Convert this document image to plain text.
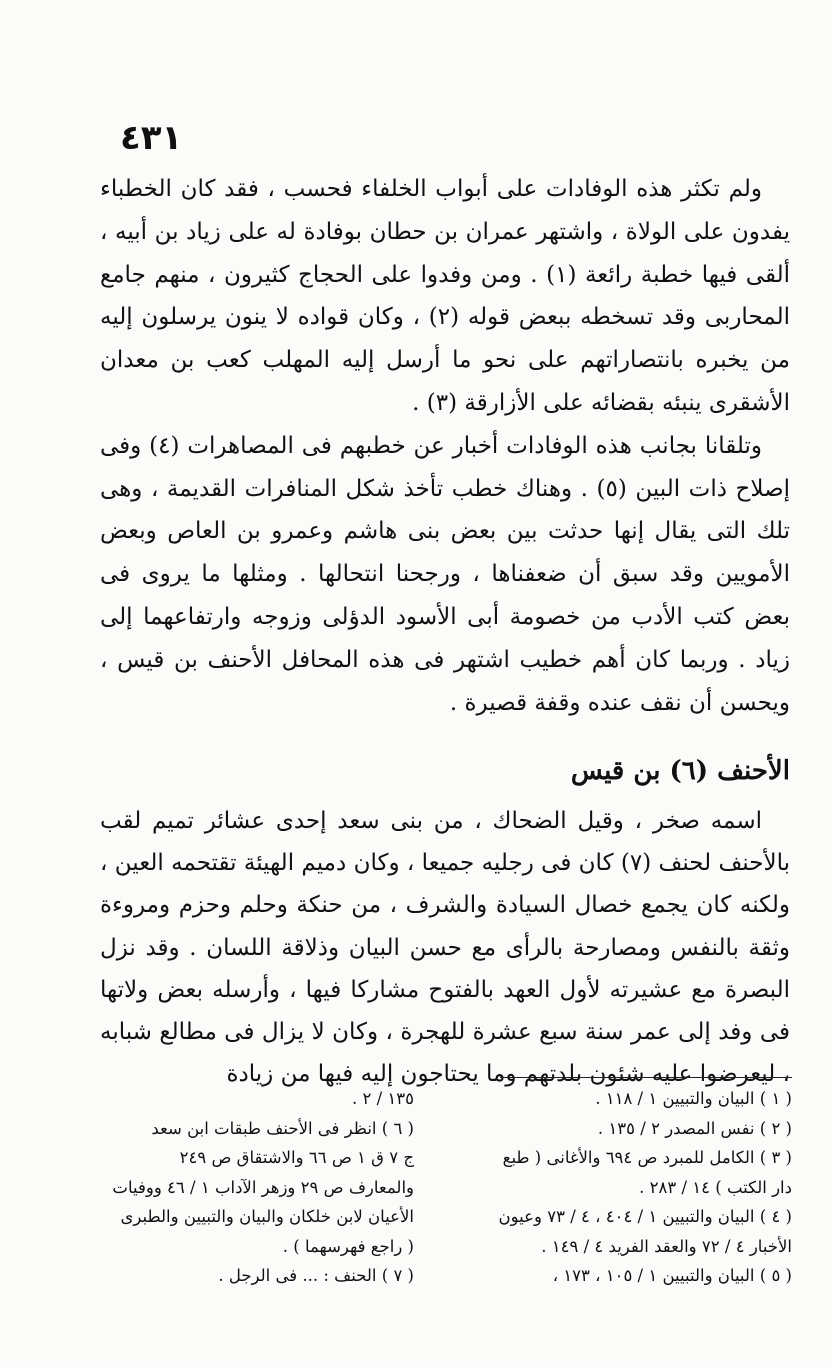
٤٣١

ولم تكثر هذه الوفادات على أبواب الخلفاء فحسب ، فقد كان الخطباء يفدون على الولاة ، واشتهر عمران بن حطان بوفادة له على زياد بن أبيه ، ألقى فيها خطبة رائعة (١) . ومن وفدوا على الحجاج كثيرون ، منهم جامع المحاربى وقد تسخطه ببعض قوله (٢) ، وكان قواده لا ينون يرسلون إليه من يخبره بانتصاراتهم على نحو ما أرسل إليه المهلب كعب بن معدان الأشقرى ينبئه بقضائه على الأزارقة (٣) .

وتلقانا بجانب هذه الوفادات أخبار عن خطبهم فى المصاهرات (٤) وفى إصلاح ذات البين (٥) . وهناك خطب تأخذ شكل المنافرات القديمة ، وهى تلك التى يقال إنها حدثت بين بعض بنى هاشم وعمرو بن العاص وبعض الأمويين وقد سبق أن ضعفناها ، ورجحنا انتحالها . ومثلها ما يروى فى بعض كتب الأدب من خصومة أبى الأسود الدؤلى وزوجه وارتفاعهما إلى زياد . وربما كان أهم خطيب اشتهر فى هذه المحافل الأحنف بن قيس ، ويحسن أن نقف عنده وقفة قصيرة .

الأحنف (٦) بن قيس

اسمه صخر ، وقيل الضحاك ، من بنى سعد إحدى عشائر تميم لقب بالأحنف لحنف (٧) كان فى رجليه جميعا ، وكان دميم الهيئة تقتحمه العين ، ولكنه كان يجمع خصال السيادة والشرف ، من حنكة وحلم وحزم ومروءة وثقة بالنفس ومصارحة بالرأى مع حسن البيان وذلاقة اللسان . وقد نزل البصرة مع عشيرته لأول العهد بالفتوح مشاركا فيها ، وأرسله بعض ولاتها فى وفد إلى عمر سنة سبع عشرة للهجرة ، وكان لا يزال فى مطالع شبابه ، ليعرضوا عليه شئون بلدتهم وما يحتاجون إليه فيها من زيادة

( ١ ) البيان والتبيين ١ / ١١٨ .
( ٢ ) نفس المصدر ٢ / ١٣٥ .
( ٣ ) الكامل للمبرد ص ٦٩٤ والأغانى ( طبع
دار الكتب ) ١٤ / ٢٨٣ .
( ٤ ) البيان والتبيين ١ / ٤٠٤ ، ٤ / ٧٣ وعيون
الأخبار ٤ / ٧٢ والعقد الفريد ٤ / ١٤٩ .
( ٥ ) البيان والتبيين ١ / ١٠٥ ، ١٧٣ ،
١٣٥ / ٢ .
( ٦ ) انظر فى الأحنف طبقات ابن سعد
ج ٧ ق ١ ص ٦٦ والاشتقاق ص ٢٤٩
والمعارف ص ٢٩ وزهر الآداب ١ / ٤٦ ووفيات
الأعيان لابن خلكان والبيان والتبيين والطبرى
( راجع فهرسهما ) .
( ٧ ) الحنف : ... فى الرجل .
